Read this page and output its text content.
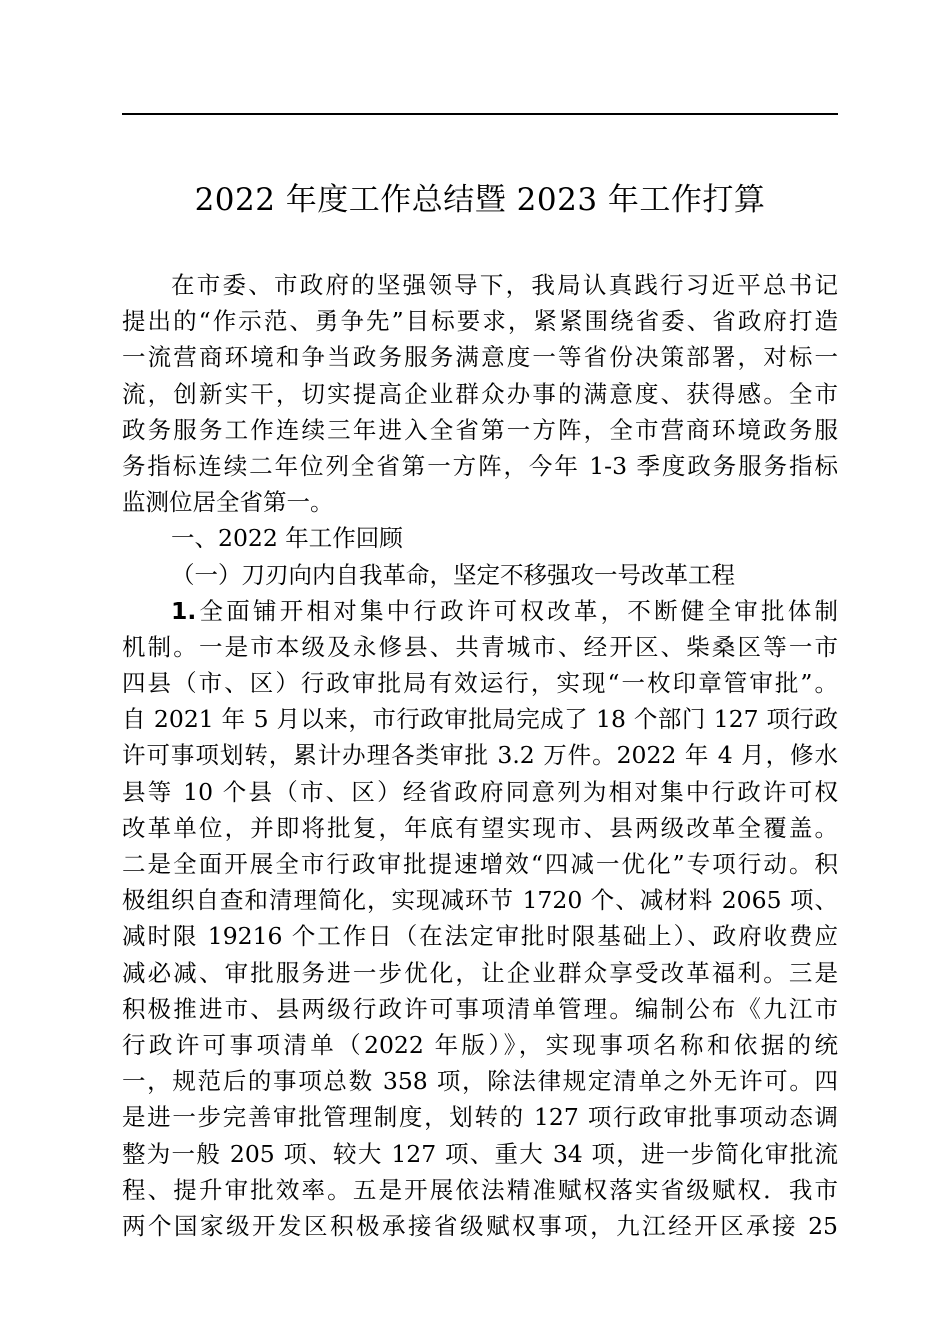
2022 年度工作总结暨 2023 年工作打算
在市委、市政府的坚强领导下，我局认真践行习近平总书记
提出的“作示范、勇争先”目标要求，紧紧围绕省委、省政府打造
一流营商环境和争当政务服务满意度一等省份决策部署，对标一
流，创新实干，切实提高企业群众办事的满意度、获得感。全市
政务服务工作连续三年进入全省第一方阵，全市营商环境政务服
务指标连续二年位列全省第一方阵，今年 1-3 季度政务服务指标
监测位居全省第一。
一、2022 年工作回顾
（一）刀刃向内自我革命，坚定不移强攻一号改革工程
1.全面铺开相对集中行政许可权改革，不断健全审批体制
机制。一是市本级及永修县、共青城市、经开区、柴桑区等一市
四县（市、区）行政审批局有效运行，实现“一枚印章管审批”。
自 2021 年 5 月以来，市行政审批局完成了 18 个部门 127 项行政
许可事项划转，累计办理各类审批 3.2 万件。2022 年 4 月，修水
县等 10 个县（市、区）经省政府同意列为相对集中行政许可权
改革单位，并即将批复，年底有望实现市、县两级改革全覆盖。
二是全面开展全市行政审批提速增效“四减一优化”专项行动。积
极组织自查和清理简化，实现减环节 1720 个、减材料 2065 项、
减时限 19216 个工作日（在法定审批时限基础上）、政府收费应
减必减、审批服务进一步优化，让企业群众享受改革福利。三是
积极推进市、县两级行政许可事项清单管理。编制公布《九江市
行政许可事项清单（2022 年版）》，实现事项名称和依据的统
一，规范后的事项总数 358 项，除法律规定清单之外无许可。四
是进一步完善审批管理制度，划转的 127 项行政审批事项动态调
整为一般 205 项、较大 127 项、重大 34 项，进一步简化审批流
程、提升审批效率。五是开展依法精准赋权落实省级赋权．我市
两个国家级开发区积极承接省级赋权事项，九江经开区承接 25
